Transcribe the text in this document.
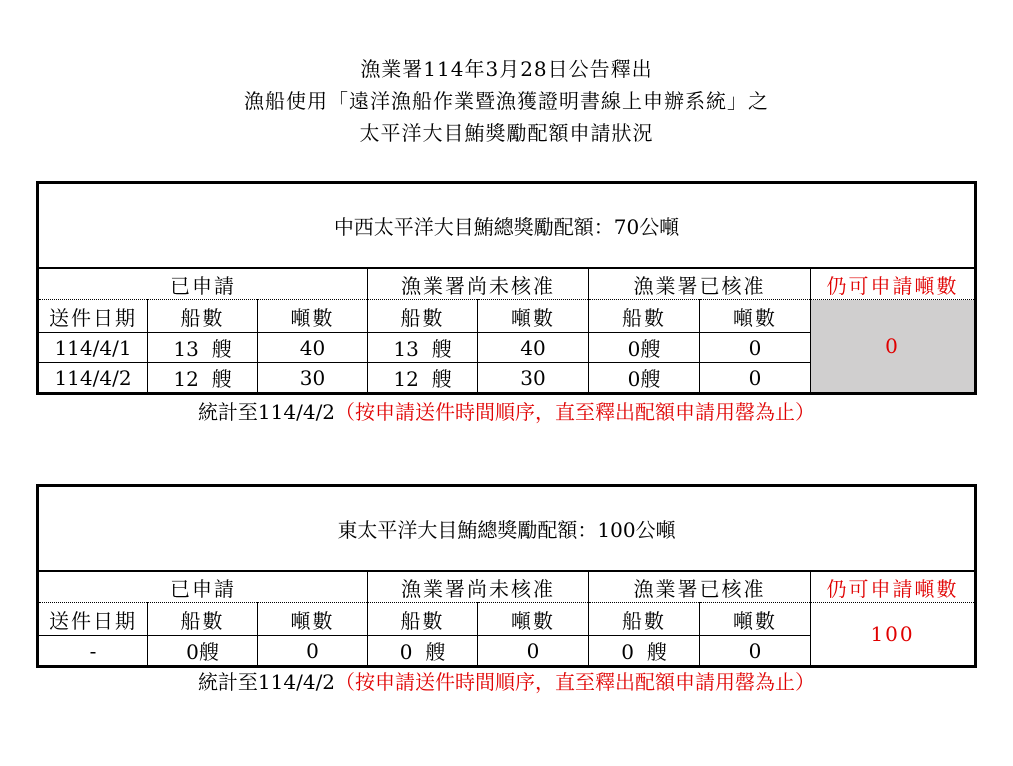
漁業署114年3月28日公告釋出
漁船使用「遠洋漁船作業暨漁獲證明書線上申辦系統」之
太平洋大目鮪獎勵配額申請狀況
中西太平洋大目鮪總獎勵配額：70公噸							
已申請			漁業署尚未核准		漁業署已核准		仍可申請噸數
送件日期	船數	噸數	船數	噸數	船數	噸數	0
114/4/1	13  艘	40	13  艘	40	0艘	0	
114/4/2	12  艘	30	12  艘	30	0艘	0	
統計至114/4/2（按申請送件時間順序，直至釋出配額申請用罄為止）
東太平洋大目鮪總獎勵配額：100公噸							
已申請			漁業署尚未核准		漁業署已核准		仍可申請噸數
送件日期	船數	噸數	船數	噸數	船數	噸數	100
-	0艘	0	0  艘	0	0  艘	0	
統計至114/4/2（按申請送件時間順序，直至釋出配額申請用罄為止）
